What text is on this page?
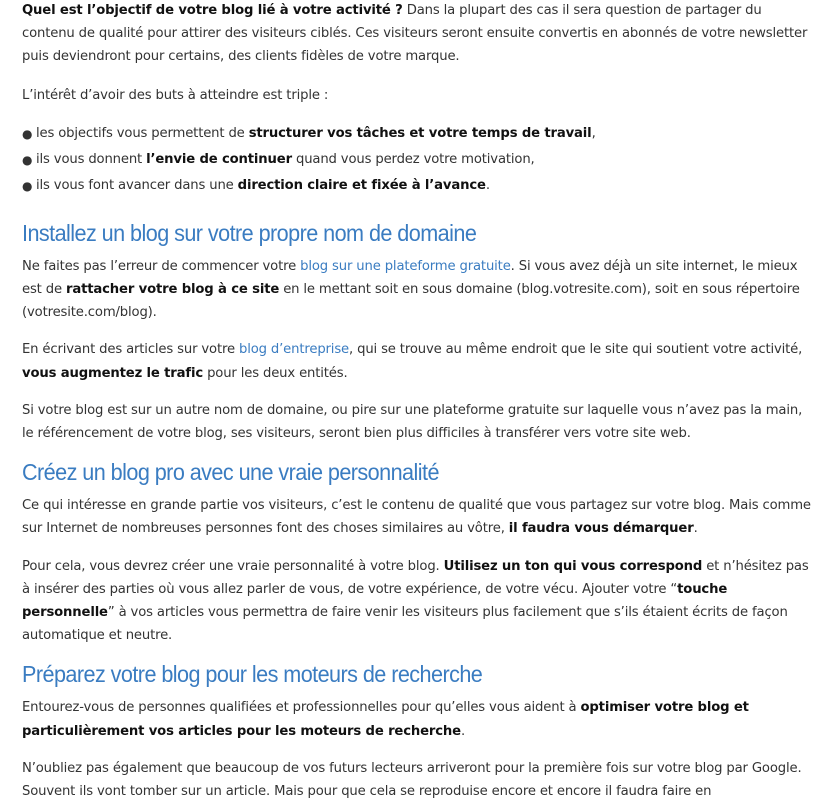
Quel est l’objectif de votre blog lié à votre activité ? Dans la plupart des cas il sera question de partager du contenu de qualité pour attirer des visiteurs ciblés. Ces visiteurs seront ensuite convertis en abonnés de votre newsletter puis deviendront pour certains, des clients fidèles de votre marque.

L’intérêt d’avoir des buts à atteindre est triple :

● les objectifs vous permettent de structurer vos tâches et votre temps de travail,
● ils vous donnent l’envie de continuer quand vous perdez votre motivation,
● ils vous font avancer dans une direction claire et fixée à l’avance.
Installez un blog sur votre propre nom de domaine

Ne faites pas l’erreur de commencer votre blog sur une plateforme gratuite. Si vous avez déjà un site internet, le mieux est de rattacher votre blog à ce site en le mettant soit en sous domaine (blog.votresite.com), soit en sous répertoire (votresite.com/blog).

En écrivant des articles sur votre blog d’entreprise, qui se trouve au même endroit que le site qui soutient votre activité, vous augmentez le trafic pour les deux entités.

Si votre blog est sur un autre nom de domaine, ou pire sur une plateforme gratuite sur laquelle vous n’avez pas la main, le référencement de votre blog, ses visiteurs, seront bien plus difficiles à transférer vers votre site web.

Créez un blog pro avec une vraie personnalité

Ce qui intéresse en grande partie vos visiteurs, c’est le contenu de qualité que vous partagez sur votre blog. Mais comme sur Internet de nombreuses personnes font des choses similaires au vôtre, il faudra vous démarquer.

Pour cela, vous devrez créer une vraie personnalité à votre blog. Utilisez un ton qui vous correspond et n’hésitez pas à insérer des parties où vous allez parler de vous, de votre expérience, de votre vécu. Ajouter votre “touche personnelle” à vos articles vous permettra de faire venir les visiteurs plus facilement que s’ils étaient écrits de façon automatique et neutre.

Préparez votre blog pour les moteurs de recherche

Entourez-vous de personnes qualifiées et professionnelles pour qu’elles vous aident à optimiser votre blog et particulièrement vos articles pour les moteurs de recherche.

N’oubliez pas également que beaucoup de vos futurs lecteurs arriveront pour la première fois sur votre blog par Google. Souvent ils vont tomber sur un article. Mais pour que cela se reproduise encore et encore il faudra faire en
